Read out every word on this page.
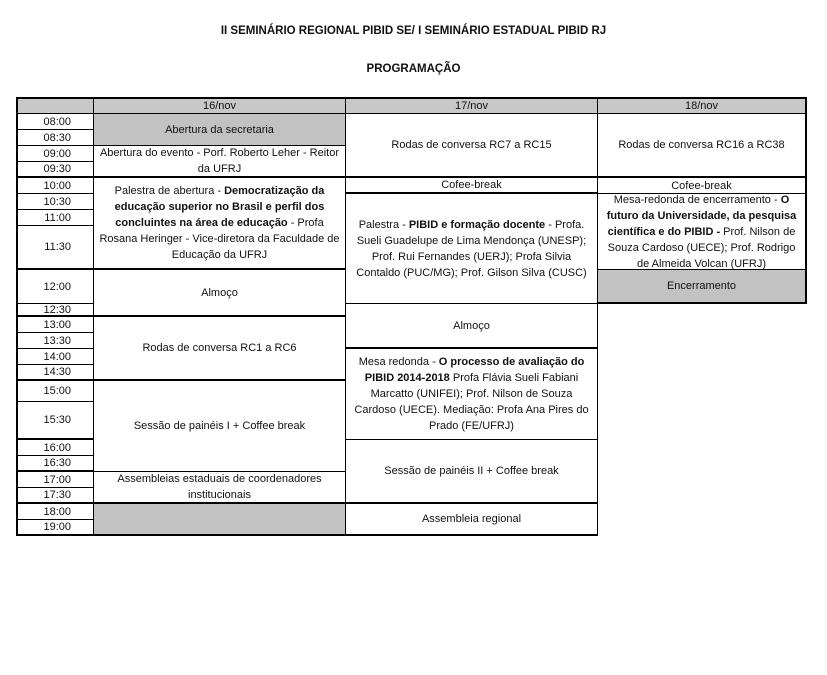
II SEMINÁRIO REGIONAL PIBID SE/ I SEMINÁRIO ESTADUAL PIBID RJ
PROGRAMAÇÃO
16/nov	17/nov	18/nov
08:00
08:30
09:00
09:30
10:00
10:30
11:00
11:30
12:00
12:30
13:00
13:30
14:00
14:30
15:00
15:30
16:00
16:30
17:00
17:30
18:00
19:00
Abertura da secretaria
Abertura do evento - Porf. Roberto Leher - Reitor da UFRJ
Palestra de abertura - Democratização da educação superior no Brasil e perfil dos concluintes na área de educação - Profa Rosana Heringer - Vice-diretora da Faculdade de Educação da UFRJ
Almoço
Rodas de conversa RC1 a RC6
Sessão de painéis I + Coffee break
Assembleias estaduais de coordenadores institucionais
Rodas de conversa RC7 a RC15
Cofee-break
Palestra - PIBID e formação docente - Profa. Sueli Guadelupe de Lima Mendonça (UNESP); Prof. Rui Fernandes (UERJ); Profa Silvia Contaldo (PUC/MG); Prof. Gilson Silva (CUSC)
Almoço
Mesa redonda - O processo de avaliação do PIBID 2014-2018 Profa Flávia Sueli Fabiani Marcatto (UNIFEI); Prof. Nilson de Souza Cardoso (UECE). Mediação: Profa Ana Pires do Prado (FE/UFRJ)
Sessão de painéis II + Coffee break
Assembleia regional
Rodas de conversa RC16 a RC38
Cofee-break
Mesa-redonda de encerramento - O futuro da Universidade, da pesquisa científica e do PIBID - Prof. Nilson de Souza Cardoso (UECE); Prof. Rodrigo de Almeida Volcan (UFRJ)
Encerramento
